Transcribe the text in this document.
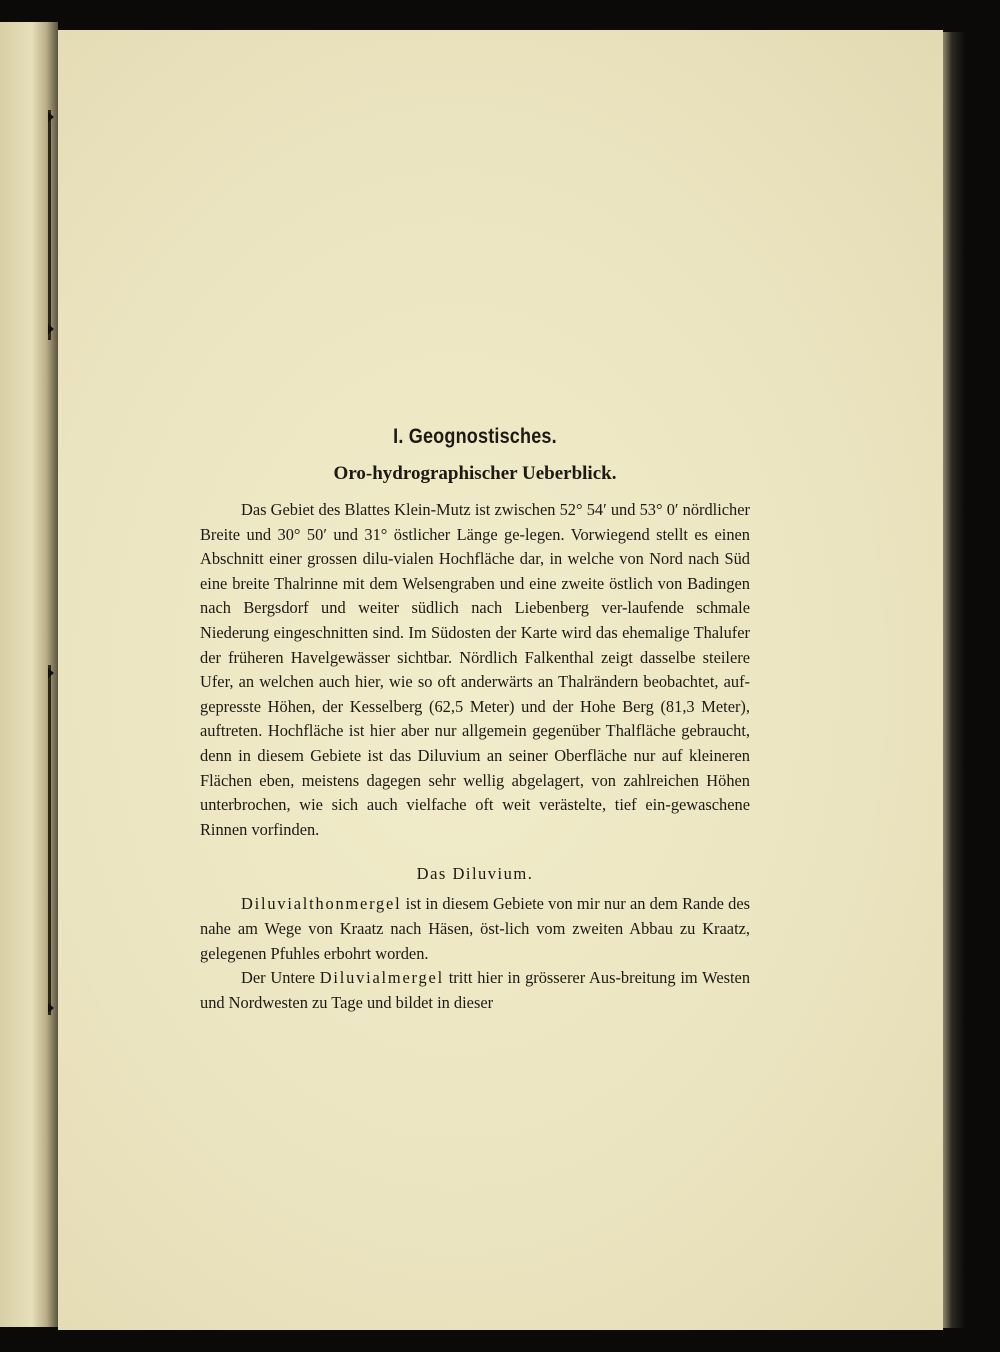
I. Geognostisches.
Oro-hydrographischer Ueberblick.

Das Gebiet des Blattes Klein-Mutz ist zwischen 52° 54′ und 53° 0′ nördlicher Breite und 30° 50′ und 31° östlicher Länge ge-legen. Vorwiegend stellt es einen Abschnitt einer grossen dilu-vialen Hochfläche dar, in welche von Nord nach Süd eine breite Thalrinne mit dem Welsengraben und eine zweite östlich von Badingen nach Bergsdorf und weiter südlich nach Liebenberg ver-laufende schmale Niederung eingeschnitten sind. Im Südosten der Karte wird das ehemalige Thalufer der früheren Havelgewässer sichtbar. Nördlich Falkenthal zeigt dasselbe steilere Ufer, an welchen auch hier, wie so oft anderwärts an Thalrändern beobachtet, auf-gepresste Höhen, der Kesselberg (62,5 Meter) und der Hohe Berg (81,3 Meter), auftreten. Hochfläche ist hier aber nur allgemein gegenüber Thalfläche gebraucht, denn in diesem Gebiete ist das Diluvium an seiner Oberfläche nur auf kleineren Flächen eben, meistens dagegen sehr wellig abgelagert, von zahlreichen Höhen unterbrochen, wie sich auch vielfache oft weit verästelte, tief ein-gewaschene Rinnen vorfinden.

Das Diluvium.

Diluvialthonmergel ist in diesem Gebiete von mir nur an dem Rande des nahe am Wege von Kraatz nach Häsen, öst-lich vom zweiten Abbau zu Kraatz, gelegenen Pfuhles erbohrt worden.

Der Untere Diluvialmergel tritt hier in grösserer Aus-breitung im Westen und Nordwesten zu Tage und bildet in dieser
